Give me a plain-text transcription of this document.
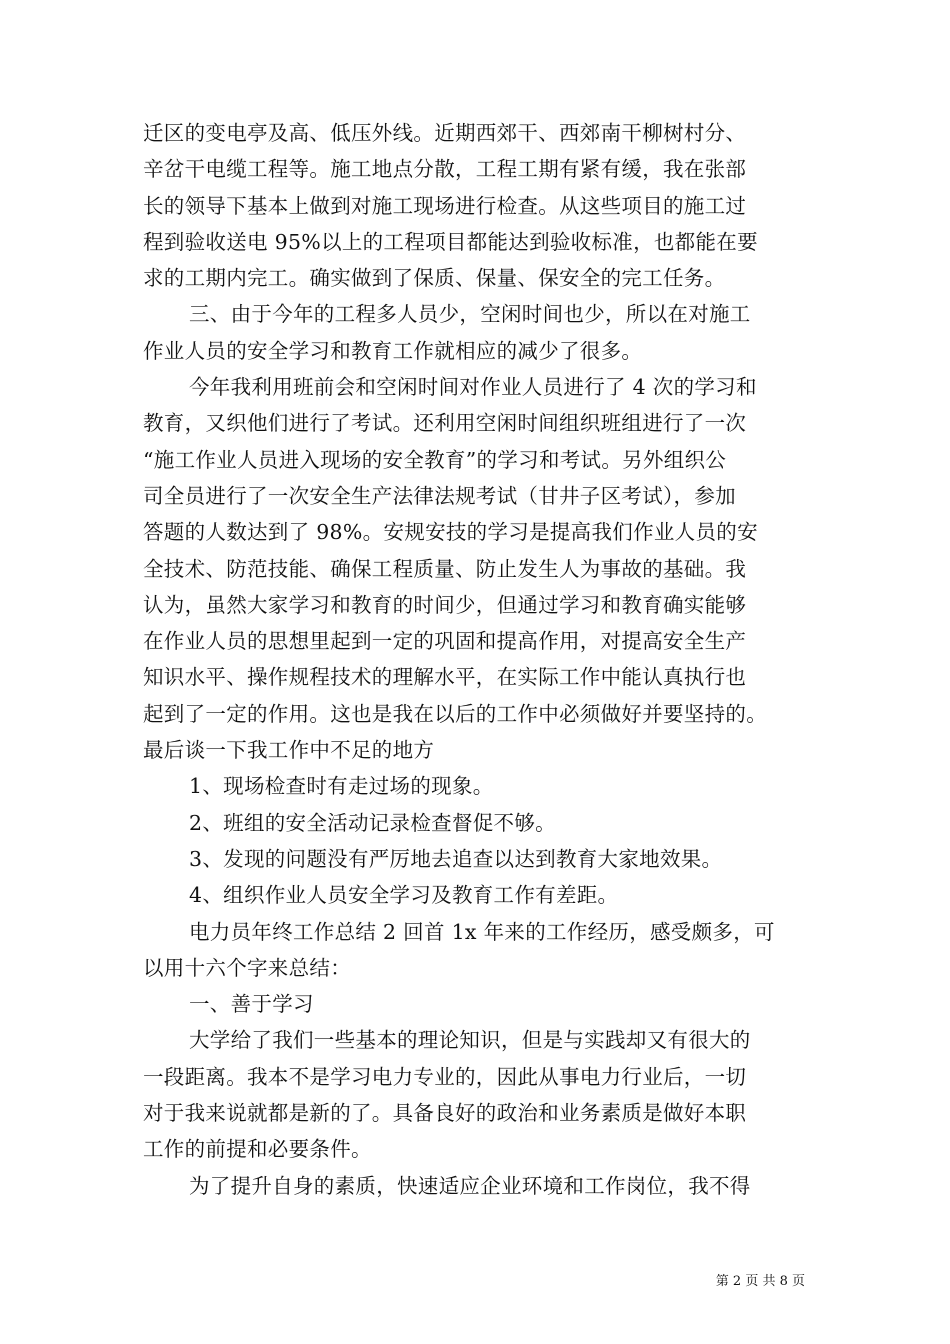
迁区的变电亭及高、低压外线。近期西郊干、西郊南干柳树村分、
辛岔干电缆工程等。施工地点分散，工程工期有紧有缓，我在张部
长的领导下基本上做到对施工现场进行检查。从这些项目的施工过
程到验收送电 95%以上的工程项目都能达到验收标准，也都能在要
求的工期内完工。确实做到了保质、保量、保安全的完工任务。
三、由于今年的工程多人员少，空闲时间也少，所以在对施工
作业人员的安全学习和教育工作就相应的减少了很多。
今年我利用班前会和空闲时间对作业人员进行了 4 次的学习和
教育，又织他们进行了考试。还利用空闲时间组织班组进行了一次
“施工作业人员进入现场的安全教育”的学习和考试。另外组织公
司全员进行了一次安全生产法律法规考试（甘井子区考试），参加
答题的人数达到了 98%。安规安技的学习是提高我们作业人员的安
全技术、防范技能、确保工程质量、防止发生人为事故的基础。我
认为，虽然大家学习和教育的时间少，但通过学习和教育确实能够
在作业人员的思想里起到一定的巩固和提高作用，对提高安全生产
知识水平、操作规程技术的理解水平，在实际工作中能认真执行也
起到了一定的作用。这也是我在以后的工作中必须做好并要坚持的。
最后谈一下我工作中不足的地方
1、现场检查时有走过场的现象。
2、班组的安全活动记录检查督促不够。
3、发现的问题没有严厉地去追查以达到教育大家地效果。
4、组织作业人员安全学习及教育工作有差距。
电力员年终工作总结 2 回首 1x 年来的工作经历，感受颇多，可
以用十六个字来总结：
一、善于学习
大学给了我们一些基本的理论知识，但是与实践却又有很大的
一段距离。我本不是学习电力专业的，因此从事电力行业后，一切
对于我来说就都是新的了。具备良好的政治和业务素质是做好本职
工作的前提和必要条件。
为了提升自身的素质，快速适应企业环境和工作岗位，我不得
第 2 页 共 8 页
